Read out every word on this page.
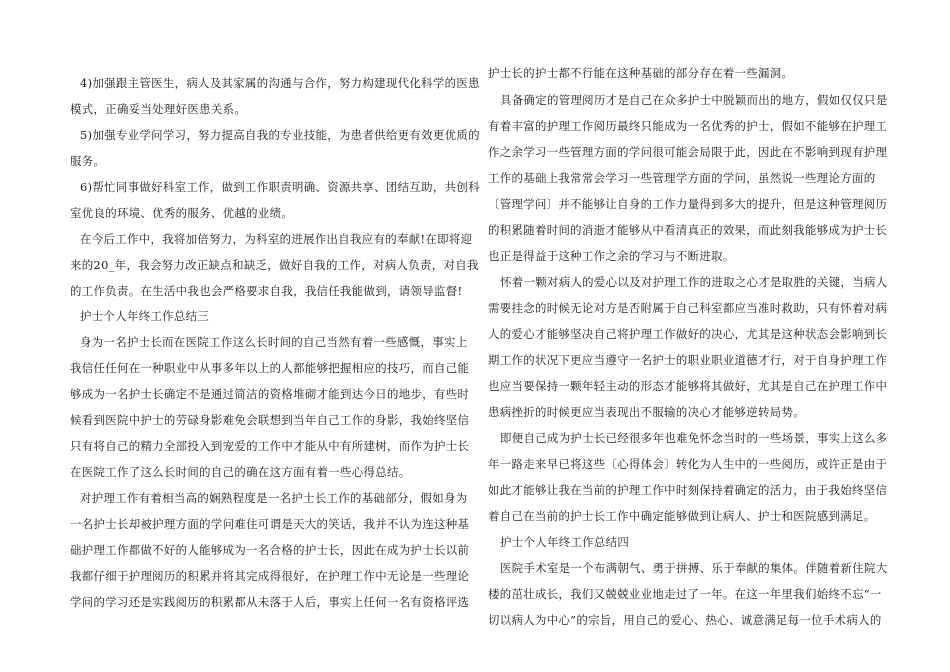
4)加强跟主管医生，病人及其家属的沟通与合作，努力构建现代化科学的医患
模式，正确妥当处理好医患关系。
5)加强专业学问学习，努力提高自我的专业技能，为患者供给更有效更优质的
服务。
6)帮忙同事做好科室工作，做到工作职责明确、资源共享、团结互助，共创科
室优良的环境、优秀的服务、优越的业绩。
在今后工作中，我将加倍努力，为科室的进展作出自我应有的奉献!在即将迎
来的20_年，我会努力改正缺点和缺乏，做好自我的工作，对病人负责，对自我
的工作负责。在生活中我也会严格要求自我，我信任我能做到，请领导监督!
护士个人年终工作总结三
身为一名护士长而在医院工作这么长时间的自己当然有着一些感慨，事实上
我信任任何在一种职业中从事多年以上的人都能够把握相应的技巧，而自己能
够成为一名护士长确定不是通过简洁的资格堆砌才能到达今日的地步，有些时
候看到医院中护士的劳碌身影难免会联想到当年自己工作的身影，我始终坚信
只有将自己的精力全部投入到宠爱的工作中才能从中有所建树，而作为护士长
在医院工作了这么长时间的自己的确在这方面有着一些心得总结。
对护理工作有着相当高的娴熟程度是一名护士长工作的基础部分，假如身为
一名护士长却被护理方面的学问难住可谓是天大的笑话，我并不认为连这种基
础护理工作都做不好的人能够成为一名合格的护士长，因此在成为护士长以前
我都仔细于护理阅历的积累并将其完成得很好，在护理工作中无论是一些理论
学问的学习还是实践阅历的积累都从未落于人后，事实上任何一名有资格评选
护士长的护士都不行能在这种基础的部分存在着一些漏洞。
具备确定的管理阅历才是自己在众多护士中脱颖而出的地方，假如仅仅只是
有着丰富的护理工作阅历最终只能成为一名优秀的护士，假如不能够在护理工
作之余学习一些管理方面的学问很可能会局限于此，因此在不影响到现有护理
工作的基础上我常常会学习一些管理学方面的学问，虽然说一些理论方面的
〔管理学问〕并不能够让自身的工作力量得到多大的提升，但是这种管理阅历
的积累随着时间的消逝才能够从中看清真正的效果，而此刻我能够成为护士长
也正是得益于这种工作之余的学习与不断进取。
怀着一颗对病人的爱心以及对护理工作的进取之心才是取胜的关键，当病人
需要挂念的时候无论对方是否附属于自己科室都应当准时救助，只有怀着对病
人的爱心才能够坚决自己将护理工作做好的决心，尤其是这种状态会影响到长
期工作的状况下更应当遵守一名护士的职业职业道德才行，对于自身护理工作
也应当要保持一颗年轻主动的形态才能够将其做好，尤其是自己在护理工作中
患病挫折的时候更应当表现出不服输的决心才能够逆转局势。
即便自己成为护士长已经很多年也难免怀念当时的一些场景，事实上这么多
年一路走来早已将这些〔心得体会〕转化为人生中的一些阅历，或许正是由于
如此才能够让我在当前的护理工作中时刻保持着确定的活力，由于我始终坚信
着自己在当前的护士长工作中确定能够做到让病人、护士和医院感到满足。
护士个人年终工作总结四
医院手术室是一个布满朝气、勇于拼搏、乐于奉献的集体。伴随着新住院大
楼的茁壮成长，我们又兢兢业业地走过了一年。在这一年里我们始终不忘“一
切以病人为中心”的宗旨，用自己的爱心、热心、诚意满足每一位手术病人的
